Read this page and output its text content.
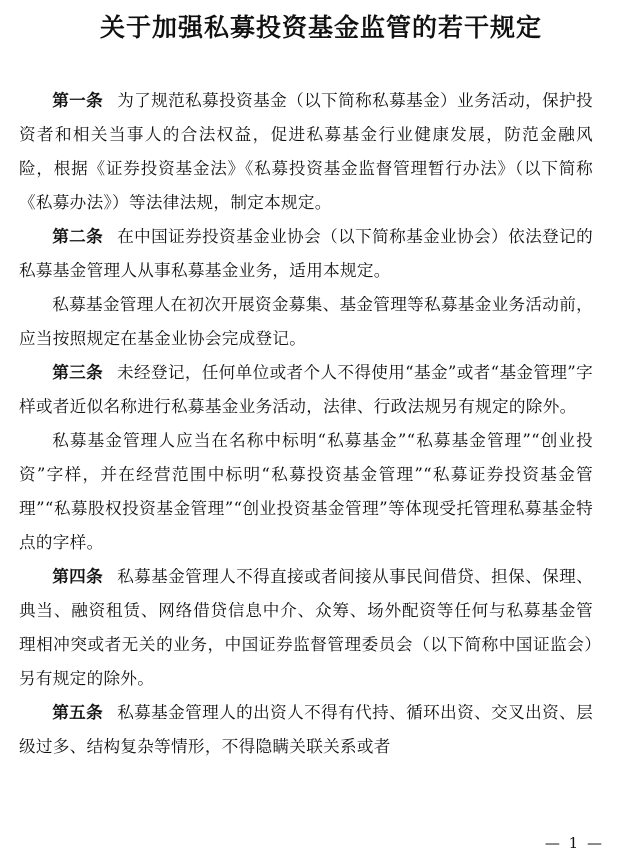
关于加强私募投资基金监管的若干规定

第一条 为了规范私募投资基金（以下简称私募基金）业务活动，保护投资者和相关当事人的合法权益，促进私募基金行业健康发展，防范金融风险，根据《证券投资基金法》《私募投资基金监督管理暂行办法》（以下简称《私募办法》）等法律法规，制定本规定。

第二条 在中国证券投资基金业协会（以下简称基金业协会）依法登记的私募基金管理人从事私募基金业务，适用本规定。

私募基金管理人在初次开展资金募集、基金管理等私募基金业务活动前，应当按照规定在基金业协会完成登记。

第三条 未经登记，任何单位或者个人不得使用“基金”或者“基金管理”字样或者近似名称进行私募基金业务活动，法律、行政法规另有规定的除外。

私募基金管理人应当在名称中标明“私募基金”“私募基金管理”“创业投资”字样，并在经营范围中标明“私募投资基金管理”“私募证券投资基金管理”“私募股权投资基金管理”“创业投资基金管理”等体现受托管理私募基金特点的字样。

第四条 私募基金管理人不得直接或者间接从事民间借贷、担保、保理、典当、融资租赁、网络借贷信息中介、众筹、场外配资等任何与私募基金管理相冲突或者无关的业务，中国证券监督管理委员会（以下简称中国证监会）另有规定的除外。

第五条 私募基金管理人的出资人不得有代持、循环出资、交叉出资、层级过多、结构复杂等情形，不得隐瞒关联关系或者

— 1 —
